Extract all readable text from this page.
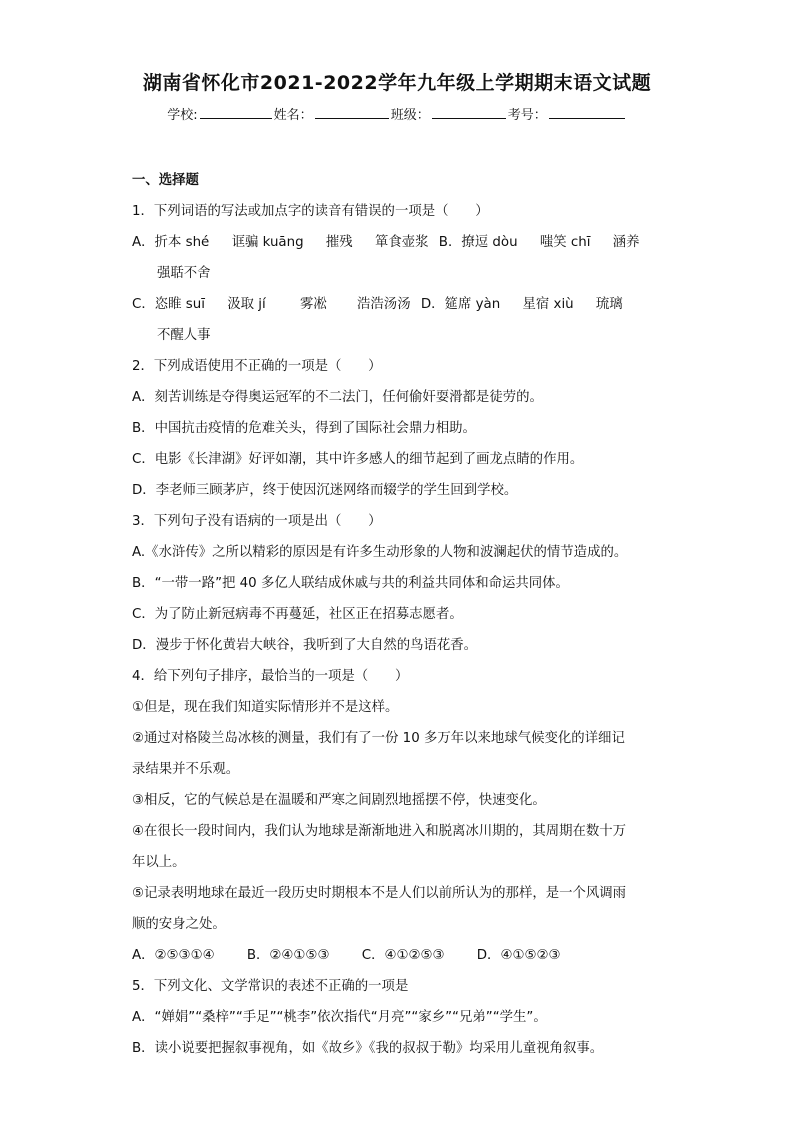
湖南省怀化市2021-2022学年九年级上学期期末语文试题
学校:	姓名：	班级：	考号：
一、选择题
1．下列词语的写法或加点字的读音有错误的一项是（　　）
A．折本 shé 诓骗 kuāng 摧残 箪食壶浆 B．撩逗 dòu 嗤笑 chī 涵养
强聒不舍
C．恣睢 suī 汲取 jí	雾凇 浩浩汤汤 D．筵席 yàn 星宿 xiù 琉璃
不醒人事
2．下列成语使用不正确的一项是（　　）
A．刻苦训练是夺得奥运冠军的不二法门，任何偷奸耍滑都是徒劳的。
B．中国抗击疫情的危难关头，得到了国际社会鼎力相助。
C．电影《长津湖》好评如潮，其中许多感人的细节起到了画龙点睛的作用。
D．李老师三顾茅庐，终于使因沉迷网络而辍学的学生回到学校。
3．下列句子没有语病的一项是出（　　）
A.《水浒传》之所以精彩的原因是有许多生动形象的人物和波澜起伏的情节造成的。
B．“一带一路”把 40 多亿人联结成休戚与共的利益共同体和命运共同体。
C．为了防止新冠病毒不再蔓延，社区正在招募志愿者。
D．漫步于怀化黄岩大峡谷，我听到了大自然的鸟语花香。
4．给下列句子排序，最恰当的一项是（　　）
①但是，现在我们知道实际情形并不是这样。
②通过对格陵兰岛冰核的测量，我们有了一份 10 多万年以来地球气候变化的详细记
录结果并不乐观。
③相反，它的气候总是在温暖和严寒之间剧烈地摇摆不停，快速变化。
④在很长一段时间内，我们认为地球是渐渐地进入和脱离冰川期的，其周期在数十万
年以上。
⑤记录表明地球在最近一段历史时期根本不是人们以前所认为的那样，是一个风调雨
顺的安身之处。
A．②⑤③①④ B．②④①⑤③ C．④①②⑤③ D．④①⑤②③
5．下列文化、文学常识的表述不正确的一项是
A．“婵娟”“桑梓”“手足”“桃李”依次指代“月亮”“家乡”“兄弟”“学生”。
B．读小说要把握叙事视角，如《故乡》《我的叔叔于勒》均采用儿童视角叙事。
